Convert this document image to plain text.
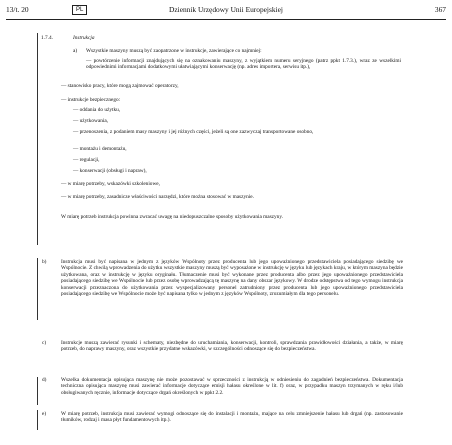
13/t. 20	PL	Dziennik Urzędowy Unii Europejskiej	367
1.7.4.	Instrukcja
a) Wszystkie maszyny muszą być zaopatrzone w instrukcje, zawierające co najmniej:
— powtórzenie informacji znajdujących się na oznakowaniu maszyny, z wyjątkiem numeru seryjnego (patrz ppkt 1.7.3.), wraz ze wszelkimi odpowiednimi informacjami dodatkowymi ułatwiającymi konserwację (np. adres importera, serwisu itp.),
— stanowisko pracy, które mogą zajmować operatorzy,
— instrukcje bezpiecznego:
— oddania do użytku,
— użytkowania,
— przenoszenia, z podaniem masy maszyny i jej różnych części, jeżeli są one zazwyczaj transportowane osobno,
— montażu i demontażu,
— regulacji,
— konserwacji (obsługi i napraw),
— w miarę potrzeby, wskazówki szkoleniowe,
— w miarę potrzeby, zasadnicze właściwości narzędzi, które można stosować w maszynie.
W miarę potrzeb instrukcja powinna zwracać uwagę na niedopuszczalne sposoby użytkowania maszyny.
b)	Instrukcja musi być napisana w jednym z języków Wspólnoty przez producenta lub jego upoważnionego przedstawiciela posiadającego siedzibę we Wspólnocie. Z chwilą wprowadzenia do użytku wszystkie maszyny muszą być wyposażone w instrukcję w języku lub językach kraju, w którym maszyna będzie użytkowana, oraz w instrukcję w języku oryginału. Tłumaczenie musi być wykonane przez producenta albo przez jego upoważnionego przedstawiciela posiadającego siedzibę we Wspólnocie lub przez osobę wprowadzającą tę maszynę na dany obszar językowy. W drodze odstępstwa od tego wymogu instrukcja konserwacji przeznaczona do użytkowania przez wyspecjalizowany personel zatrudniony przez producenta lub jego upoważnionego przedstawiciela posiadającego siedzibę we Wspólnocie może być napisana tylko w jednym z języków Wspólnoty, zrozumiałym dla tego personelu.
c)	Instrukcje muszą zawierać rysunki i schematy, niezbędne do uruchamiania, konserwacji, kontroli, sprawdzania prawidłowości działania, a także, w miarę potrzeb, do naprawy maszyny, oraz wszystkie przydatne wskazówki, w szczególności odnoszące się do bezpieczeństwa.
d)	Wszelka dokumentacja opisująca maszynę nie może pozostawać w sprzeczności z instrukcją w odniesieniu do zagadnień bezpieczeństwa. Dokumentacja techniczna opisująca maszynę musi zawierać informacje dotyczące emisji hałasu określone w lit. f) oraz, w przypadku maszyn trzymanych w ręku i/lub obsługiwanych ręcznie, informacje dotyczące drgań określonych w ppkt 2.2.
e)	W miarę potrzeb, instrukcja musi zawierać wymogi odnoszące się do instalacji i montażu, mające na celu zmniejszenie hałasu lub drgań (np. zastosowanie tłumików, rodzaj i masa płyt fundamentowych itp.).
